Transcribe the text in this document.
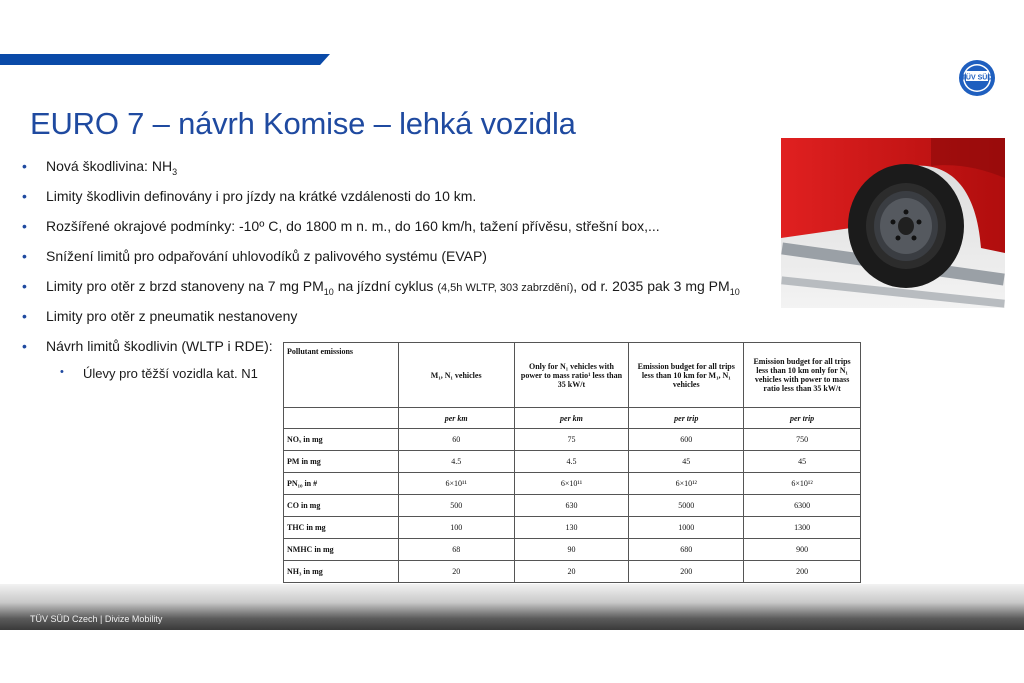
TÜV SÜD
EURO 7 – návrh Komise – lehká vozidla
• Nová škodlivina: $NH_3$
• Limity škodlivin definovány i pro jízdy na krátké vzdálenosti do 10 km.
• Rozšířené okrajové podmínky: -10º C, do 1800 m n. m., do 160 km/h, tažení přívěsu, střešní box,...
• Snížení limitů pro odpařování uhlovodíků z palivového systému (EVAP)
• Limity pro otěr z brzd stanoveny na 7 mg $PM_{10}$ na jízdní cyklus (4,5h WLTP, 303 zabrzdění), od r. 2035 pak 3 mg $PM_{10}$
• Limity pro otěr z pneumatik nestanoveny
• Návrh limitů škodlivin (WLTP i RDE):
• Úlevy pro těžší vozidla kat. N1
Pollutant emissions	M₁, N₁ vehicles	Only for N₁ vehicles with power to mass ratio¹ less than 35 kW/t	Emission budget for all trips less than 10 km for M₁, N₁ vehicles	Emission budget for all trips less than 10 km only for N₁ vehicles with power to mass ratio less than 35 kW/t
	per km	per km	per trip	per trip
NOₓ in mg	60	75	600	750
PM in mg	4.5	4.5	45	45
PN₁₀ in #	6×10¹¹	6×10¹¹	6×10¹²	6×10¹²
CO in mg	500	630	5000	6300
THC in mg	100	130	1000	1300
NMHC in mg	68	90	680	900
NH₃ in mg	20	20	200	200
TÜV SÜD Czech | Divize Mobility
